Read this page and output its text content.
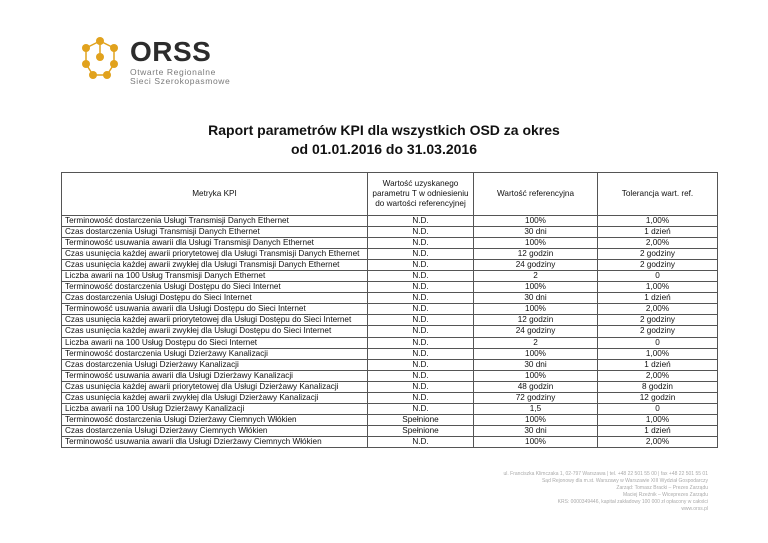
ORSS
Otwarte Regionalne
Sieci Szerokopasmowe
Raport parametrów KPI dla wszystkich OSD za okres
od 01.01.2016 do 31.03.2016
Metryka KPI	Wartość uzyskanego parametru T w odniesieniu do wartości referencyjnej	Wartość referencyjna	Tolerancja wart. ref.
Terminowość dostarczenia Usługi Transmisji Danych Ethernet	N.D.	100%	1,00%
Czas dostarczenia Usługi Transmisji Danych Ethernet	N.D.	30 dni	1 dzień
Terminowość usuwania awarii dla Usługi Transmisji Danych Ethernet	N.D.	100%	2,00%
Czas usunięcia każdej awarii priorytetowej dla Usługi Transmisji Danych Ethernet	N.D.	12 godzin	2 godziny
Czas usunięcia każdej awarii zwykłej dla Usługi Transmisji Danych Ethernet	N.D.	24 godziny	2 godziny
Liczba awarii na 100 Usług Transmisji Danych Ethernet	N.D.	2	0
Terminowość dostarczenia Usługi Dostępu do Sieci Internet	N.D.	100%	1,00%
Czas dostarczenia Usługi Dostępu do Sieci Internet	N.D.	30 dni	1 dzień
Terminowość usuwania awarii dla Usługi Dostępu do Sieci Internet	N.D.	100%	2,00%
Czas usunięcia każdej awarii priorytetowej dla Usługi Dostępu do Sieci Internet	N.D.	12 godzin	2 godziny
Czas usunięcia każdej awarii zwykłej dla Usługi Dostępu do Sieci Internet	N.D.	24 godziny	2 godziny
Liczba awarii na 100 Usług Dostępu do Sieci Internet	N.D.	2	0
Terminowość dostarczenia Usługi Dzierżawy Kanalizacji	N.D.	100%	1,00%
Czas dostarczenia Usługi Dzierżawy Kanalizacji	N.D.	30 dni	1 dzień
Terminowość usuwania awarii dla Usługi Dzierżawy Kanalizacji	N.D.	100%	2,00%
Czas usunięcia każdej awarii priorytetowej dla Usługi Dzierżawy Kanalizacji	N.D.	48 godzin	8 godzin
Czas usunięcia każdej awarii zwykłej dla Usługi Dzierżawy Kanalizacji	N.D.	72 godziny	12 godzin
Liczba awarii na 100 Usług Dzierżawy Kanalizacji	N.D.	1,5	0
Terminowość dostarczenia Usługi Dzierżawy Ciemnych Włókien	Spełnione	100%	1,00%
Czas dostarczenia Usługi Dzierżawy Ciemnych Włókien	Spełnione	30 dni	1 dzień
Terminowość usuwania awarii dla Usługi Dzierżawy Ciemnych Włókien	N.D.	100%	2,00%
ul. Franciszka Klimczaka 1, 02-797 Warszawa | tel. +48 22 501 55 00 | fax +48 22 501 55 01
Sąd Rejonowy dla m.st. Warszawy w Warszawie XIII Wydział Gospodarczy
Zarząd: Tomasz Bracki – Prezes Zarządu
Maciej Rzeźnik – Wiceprezes Zarządu
KRS: 0000349446, kapitał zakładowy 100 000 zł opłacony w całości
www.orss.pl
